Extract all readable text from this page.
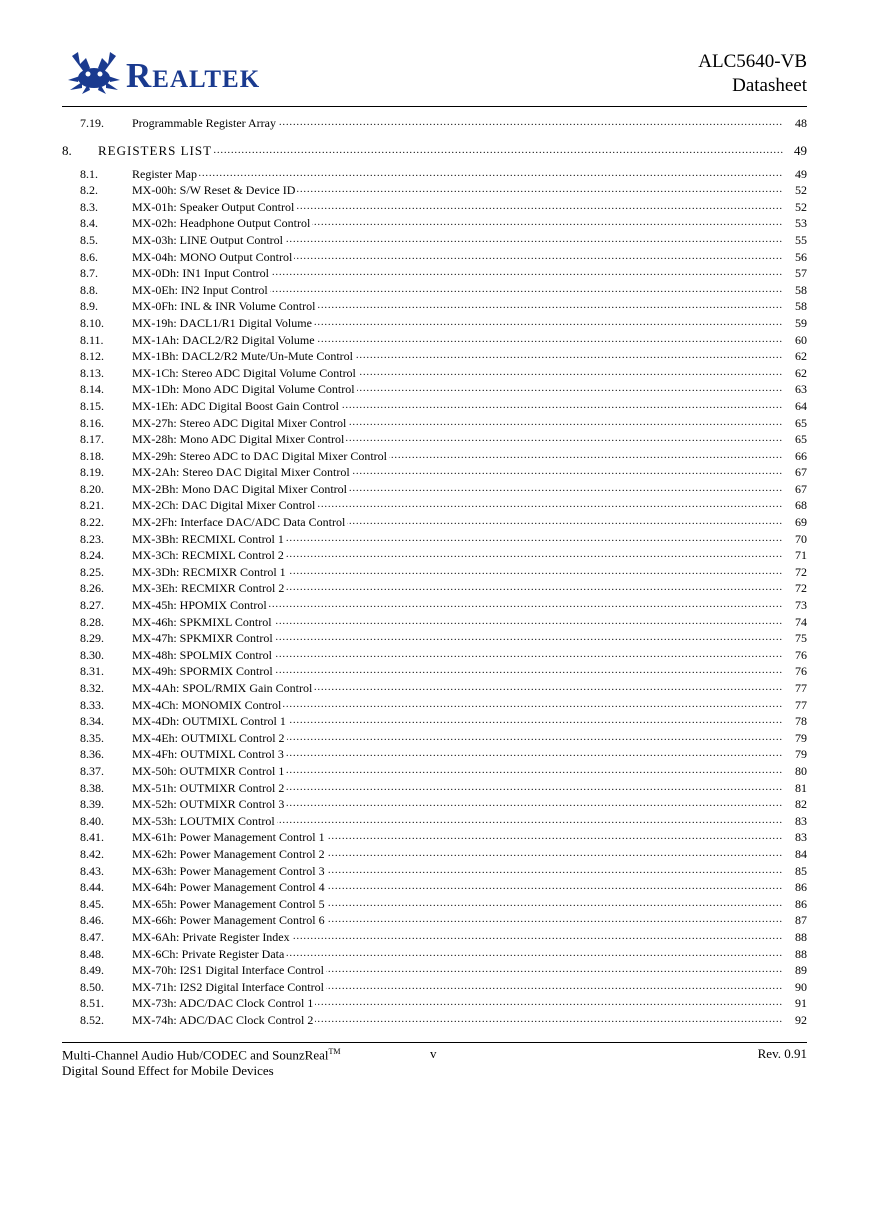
Realtek	ALC5640-VB
Datasheet
7.19. Programmable Register Array .....	48
8. REGISTERS LIST .....	49
8.1.	Register Map .....	49
8.2.	MX-00h: S/W Reset & Device ID .....	52
8.3.	MX-01h: Speaker Output Control .....	52
8.4.	MX-02h: Headphone Output Control .....	53
8.5.	MX-03h: LINE Output Control .....	55
8.6.	MX-04h: MONO Output Control .....	56
8.7.	MX-0Dh: IN1 Input Control .....	57
8.8.	MX-0Eh: IN2 Input Control .....	58
8.9.	MX-0Fh: INL & INR Volume Control .....	58
8.10. MX-19h: DACL1/R1 Digital Volume .....	59
8.11. MX-1Ah: DACL2/R2 Digital Volume .....	60
8.12. MX-1Bh: DACL2/R2 Mute/Un-Mute Control .....	62
8.13. MX-1Ch: Stereo ADC Digital Volume Control .....	62
8.14. MX-1Dh: Mono ADC Digital Volume Control .....	63
8.15. MX-1Eh: ADC Digital Boost Gain Control .....	64
8.16. MX-27h: Stereo ADC Digital Mixer Control .....	65
8.17. MX-28h: Mono ADC Digital Mixer Control .....	65
8.18. MX-29h: Stereo ADC to DAC Digital Mixer Control .....	66
8.19. MX-2Ah: Stereo DAC Digital Mixer Control .....	67
8.20. MX-2Bh: Mono DAC Digital Mixer Control .....	67
8.21. MX-2Ch: DAC Digital Mixer Control .....	68
8.22. MX-2Fh: Interface DAC/ADC Data Control .....	69
8.23. MX-3Bh: RECMIXL Control 1 .....	70
8.24. MX-3Ch: RECMIXL Control 2 .....	71
8.25. MX-3Dh: RECMIXR Control 1 .....	72
8.26. MX-3Eh: RECMIXR Control 2 .....	72
8.27. MX-45h: HPOMIX Control .....	73
8.28. MX-46h: SPKMIXL Control .....	74
8.29. MX-47h: SPKMIXR Control .....	75
8.30. MX-48h: SPOLMIX Control .....	76
8.31. MX-49h: SPORMIX Control .....	76
8.32. MX-4Ah: SPOL/RMIX Gain Control .....	77
8.33. MX-4Ch: MONOMIX Control .....	77
8.34. MX-4Dh: OUTMIXL Control 1 .....	78
8.35. MX-4Eh: OUTMIXL Control 2 .....	79
8.36. MX-4Fh: OUTMIXL Control 3 .....	79
8.37. MX-50h: OUTMIXR Control 1 .....	80
8.38. MX-51h: OUTMIXR Control 2 .....	81
8.39. MX-52h: OUTMIXR Control 3 .....	82
8.40. MX-53h: LOUTMIX Control .....	83
8.41. MX-61h: Power Management Control 1 .....	83
8.42. MX-62h: Power Management Control 2 .....	84
8.43. MX-63h: Power Management Control 3 .....	85
8.44. MX-64h: Power Management Control 4 .....	86
8.45. MX-65h: Power Management Control 5 .....	86
8.46. MX-66h: Power Management Control 6 .....	87
8.47. MX-6Ah: Private Register Index .....	88
8.48. MX-6Ch: Private Register Data .....	88
8.49. MX-70h: I2S1 Digital Interface Control .....	89
8.50. MX-71h: I2S2 Digital Interface Control .....	90
8.51. MX-73h: ADC/DAC Clock Control 1 .....	91
8.52. MX-74h: ADC/DAC Clock Control 2 .....	92
Multi-Channel Audio Hub/CODEC and SounzReal™
Digital Sound Effect for Mobile Devices
v	Rev. 0.91
